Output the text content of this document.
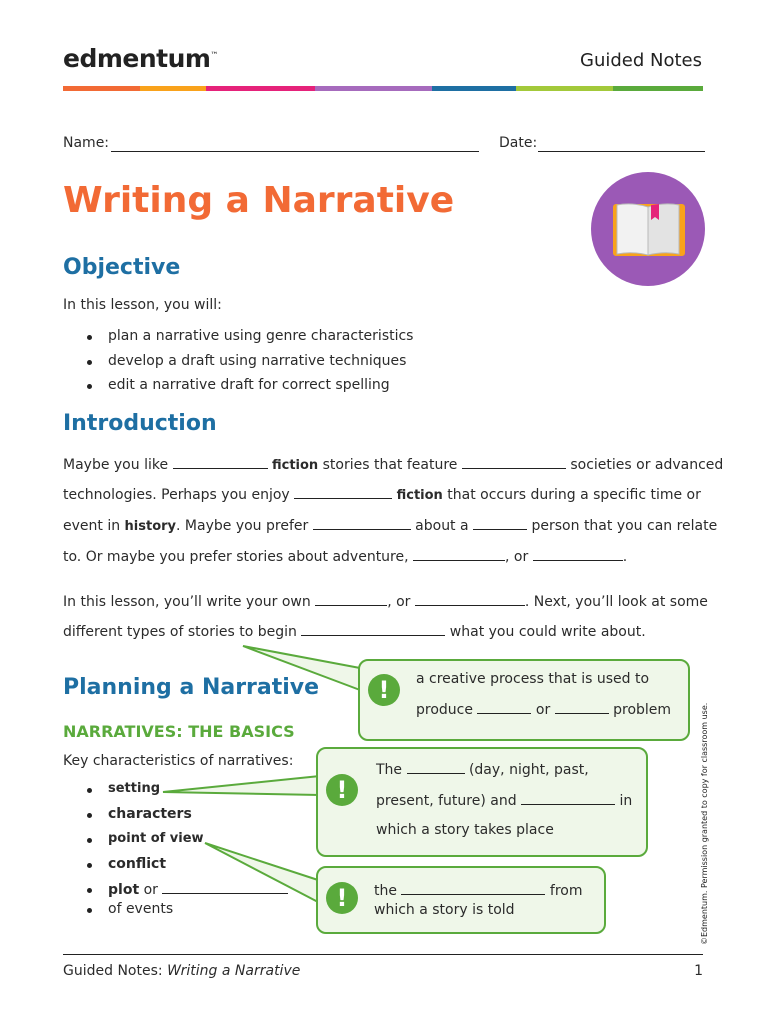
edmentum™	Guided Notes
Name:	Date:
Writing a Narrative
Objective
In this lesson, you will:
plan a narrative using genre characteristics
develop a draft using narrative techniques
edit a narrative draft for correct spelling
Introduction
Maybe you like	fiction stories that feature	societies or advanced
technologies. Perhaps you enjoy	fiction that occurs during a specific time or
event in history. Maybe you prefer	about a	person that you can relate
to. Or maybe you prefer stories about adventure,	, or	.
In this lesson, you’ll write your own	, or	. Next, you’ll look at some
different types of stories to begin	what you could write about.
Planning a Narrative
NARRATIVES: THE BASICS
Key characteristics of narratives:
setting
characters
point of view
conflict
plot or
of events
!	a creative process that is used to
produce	or	problem
!
The	(day, night, past,
present, future) and	in
which a story takes place
!	the	from
which a story is told	©Edmentum. Permission granted to copy for classroom use.
Guided Notes: Writing a Narrative	1
